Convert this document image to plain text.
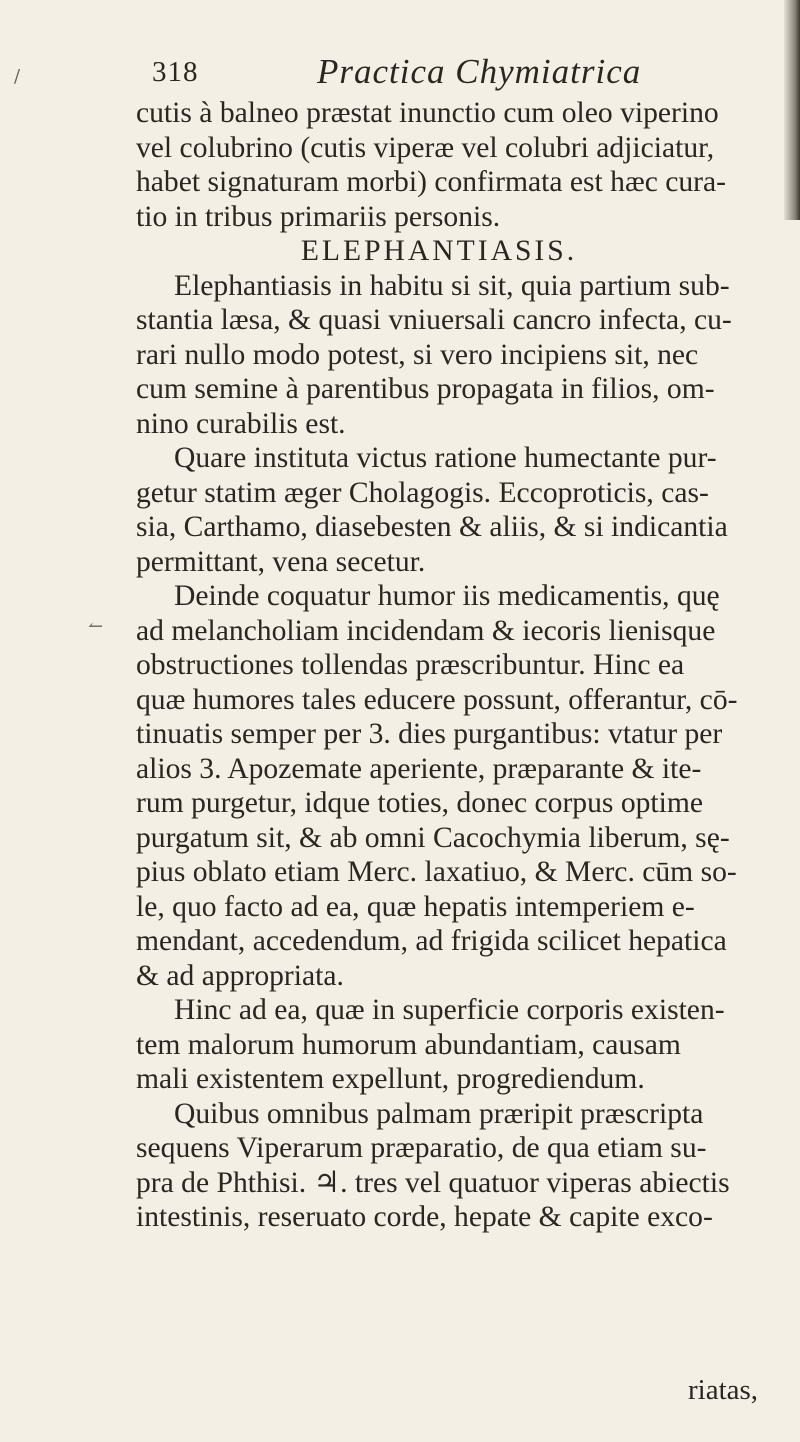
/
↼
318	Practica Chymiatrica
cutis à balneo præstat inunctio cum oleo viperino
vel colubrino (cutis viperæ vel colubri adjiciatur,
habet signaturam morbi) confirmata est hæc cura-
tio in tribus primariis personis.
ELEPHANTIASIS.
Elephantiasis in habitu si sit, quia partium sub-
stantia læsa, & quasi vniuersali cancro infecta, cu-
rari nullo modo potest, si vero incipiens sit, nec
cum semine à parentibus propagata in filios, om-
nino curabilis est.
Quare instituta victus ratione humectante pur-
getur statim æger Cholagogis. Eccoproticis, cas-
sia, Carthamo, diasebesten & aliis, & si indicantia
permittant, vena secetur.
Deinde coquatur humor iis medicamentis, quę
ad melancholiam incidendam & iecoris lienisque
obstructiones tollendas præscribuntur. Hinc ea
quæ humores tales educere possunt, offerantur, cō-
tinuatis semper per 3. dies purgantibus: vtatur per
alios 3. Apozemate aperiente, præparante & ite-
rum purgetur, idque toties, donec corpus optime
purgatum sit, & ab omni Cacochymia liberum, sę-
pius oblato etiam Merc. laxatiuo, & Merc. cūm so-
le, quo facto ad ea, quæ hepatis intemperiem e-
mendant, accedendum, ad frigida scilicet hepatica
& ad appropriata.
Hinc ad ea, quæ in superficie corporis existen-
tem malorum humorum abundantiam, causam
mali existentem expellunt, progrediendum.
Quibus omnibus palmam præripit præscripta
sequens Viperarum præparatio, de qua etiam su-
pra de Phthisi. ♃. tres vel quatuor viperas abiectis
intestinis, reseruato corde, hepate & capite exco-
riatas,
